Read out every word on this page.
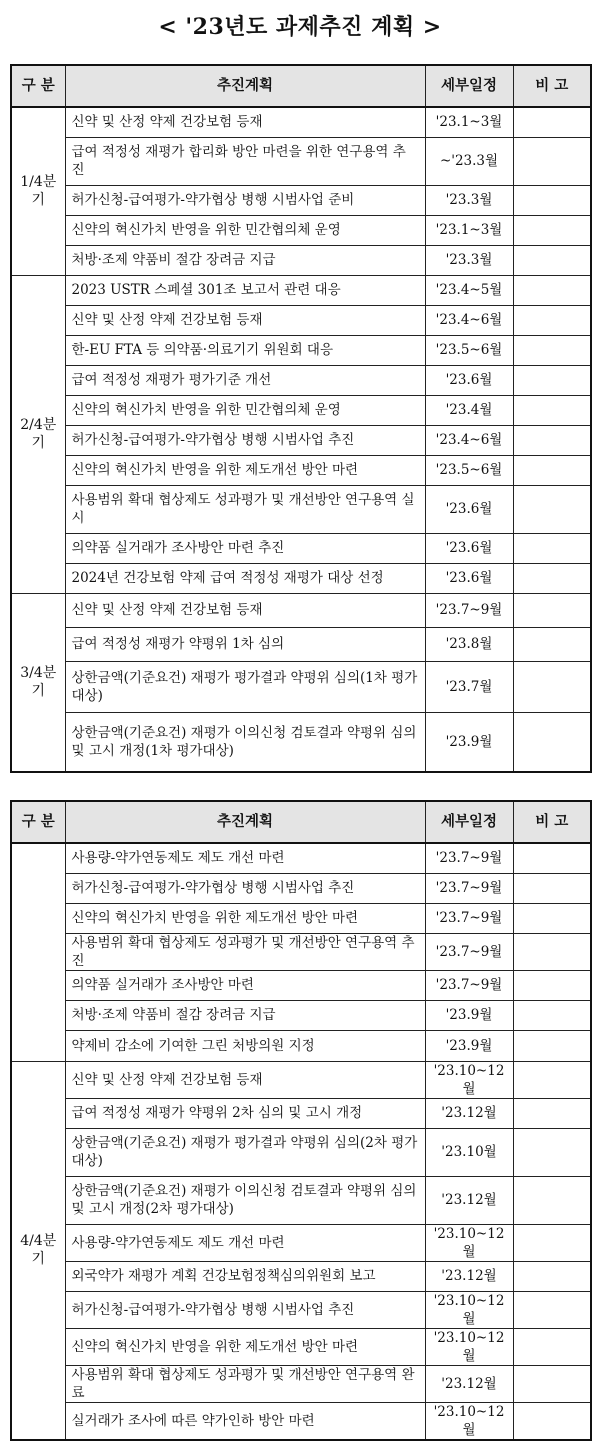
< '23년도 과제추진 계획 >
구 분	추진계획	세부일정	비 고
1/4분기	신약 및 산정 약제 건강보험 등재	'23.1~3월	
	급여 적정성 재평가 합리화 방안 마련을 위한 연구용역 추진	~'23.3월	
	허가신청-급여평가-약가협상 병행 시범사업 준비	'23.3월	
	신약의 혁신가치 반영을 위한 민간협의체 운영	'23.1~3월	
	처방·조제 약품비 절감 장려금 지급	'23.3월	
2/4분기	2023 USTR 스페셜 301조 보고서 관련 대응	'23.4~5월	
	신약 및 산정 약제 건강보험 등재	'23.4~6월	
	한-EU FTA 등 의약품·의료기기 위원회 대응	'23.5~6월	
	급여 적정성 재평가 평가기준 개선	'23.6월	
	신약의 혁신가치 반영을 위한 민간협의체 운영	'23.4월	
	허가신청-급여평가-약가협상 병행 시범사업 추진	'23.4~6월	
	신약의 혁신가치 반영을 위한 제도개선 방안 마련	'23.5~6월	
	사용범위 확대 협상제도 성과평가 및 개선방안 연구용역 실시	'23.6월	
	의약품 실거래가 조사방안 마련 추진	'23.6월	
	2024년 건강보험 약제 급여 적정성 재평가 대상 선정	'23.6월	
3/4분기	신약 및 산정 약제 건강보험 등재	'23.7~9월	
	급여 적정성 재평가 약평위 1차 심의	'23.8월	
	상한금액(기준요건) 재평가 평가결과 약평위 심의(1차 평가대상)	'23.7월	
	상한금액(기준요건) 재평가 이의신청 검토결과 약평위 심의 및 고시 개정(1차 평가대상)	'23.9월	
구 분	추진계획	세부일정	비 고
	사용량-약가연동제도 제도 개선 마련	'23.7~9월	
	허가신청-급여평가-약가협상 병행 시범사업 추진	'23.7~9월	
	신약의 혁신가치 반영을 위한 제도개선 방안 마련	'23.7~9월	
	사용범위 확대 협상제도 성과평가 및 개선방안 연구용역 추진	'23.7~9월	
	의약품 실거래가 조사방안 마련	'23.7~9월	
	처방·조제 약품비 절감 장려금 지급	'23.9월	
	약제비 감소에 기여한 그린 처방의원 지정	'23.9월	
4/4분기	신약 및 산정 약제 건강보험 등재	'23.10~12월	
	급여 적정성 재평가 약평위 2차 심의 및 고시 개정	'23.12월	
	상한금액(기준요건) 재평가 평가결과 약평위 심의(2차 평가대상)	'23.10월	
	상한금액(기준요건) 재평가 이의신청 검토결과 약평위 심의 및 고시 개정(2차 평가대상)	'23.12월	
	사용량-약가연동제도 제도 개선 마련	'23.10~12월	
	외국약가 재평가 계획 건강보험정책심의위원회 보고	'23.12월	
	허가신청-급여평가-약가협상 병행 시범사업 추진	'23.10~12월	
	신약의 혁신가치 반영을 위한 제도개선 방안 마련	'23.10~12월	
	사용범위 확대 협상제도 성과평가 및 개선방안 연구용역 완료	'23.12월	
	실거래가 조사에 따른 약가인하 방안 마련	'23.10~12월	
